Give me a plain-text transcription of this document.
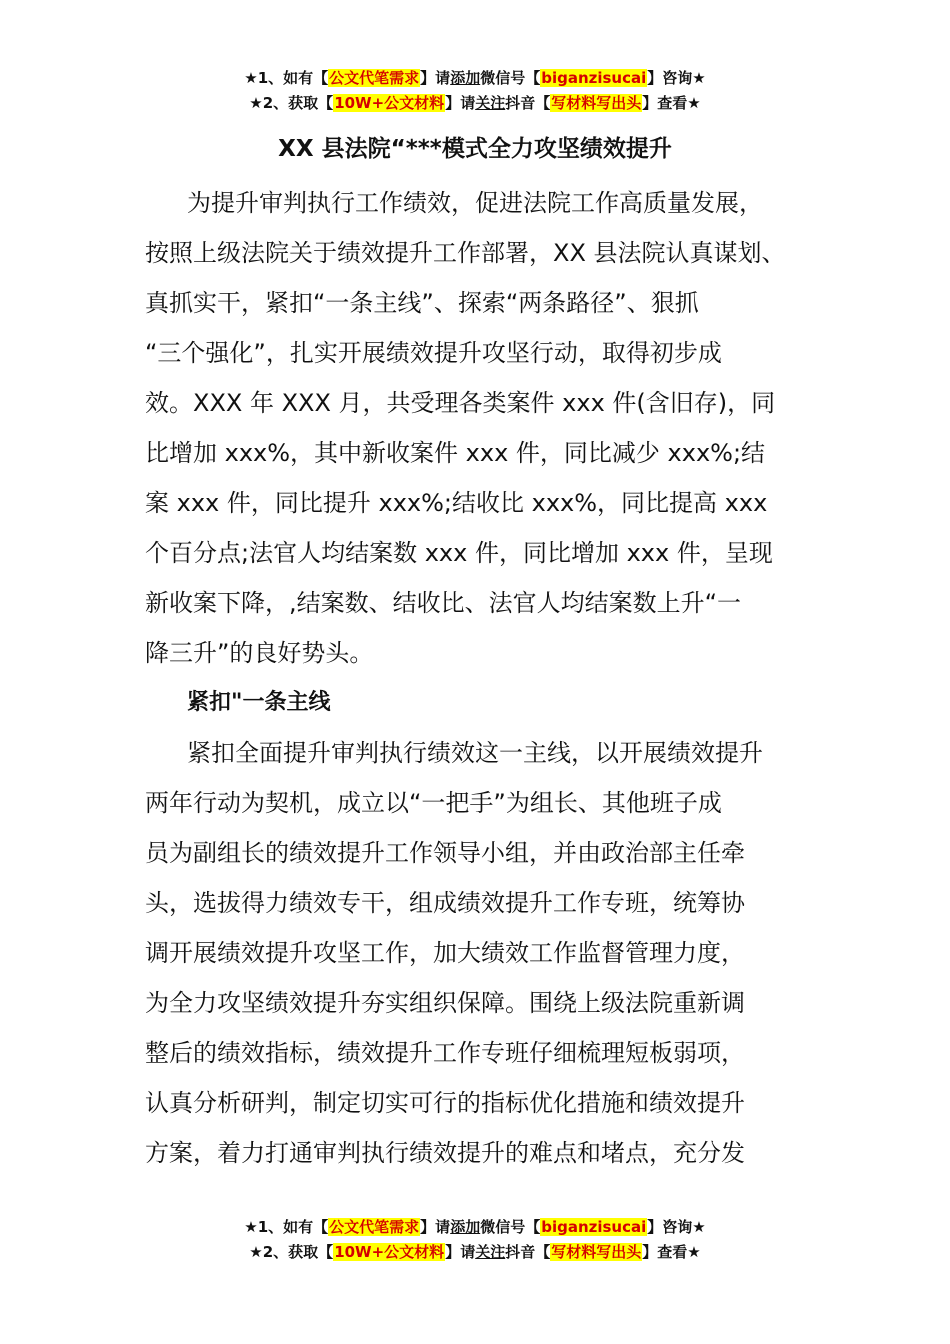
★1、如有【公文代笔需求】请添加微信号【biganzisucai】咨询★
★2、获取【10W+公文材料】请关注抖音【写材料写出头】查看★
XX 县法院“***模式全力攻坚绩效提升
为提升审判执行工作绩效，促进法院工作高质量发展，
按照上级法院关于绩效提升工作部署，XX 县法院认真谋划、
真抓实干，紧扣“一条主线”、探索“两条路径”、狠抓
“三个强化”，扎实开展绩效提升攻坚行动，取得初步成
效。XXX 年 XXX 月，共受理各类案件 xxx 件(含旧存)，同
比增加 xxx%，其中新收案件 xxx 件，同比减少 xxx%;结
案 xxx 件，同比提升 xxx%;结收比 xxx%，同比提高 xxx
个百分点;法官人均结案数 xxx 件，同比增加 xxx 件，呈现
新收案下降，,结案数、结收比、法官人均结案数上升“一
降三升”的良好势头。
紧扣"一条主线
紧扣全面提升审判执行绩效这一主线，以开展绩效提升
两年行动为契机，成立以“一把手”为组长、其他班子成
员为副组长的绩效提升工作领导小组，并由政治部主任牵
头，选拔得力绩效专干，组成绩效提升工作专班，统筹协
调开展绩效提升攻坚工作，加大绩效工作监督管理力度，
为全力攻坚绩效提升夯实组织保障。围绕上级法院重新调
整后的绩效指标，绩效提升工作专班仔细梳理短板弱项，
认真分析研判，制定切实可行的指标优化措施和绩效提升
方案，着力打通审判执行绩效提升的难点和堵点，充分发
★1、如有【公文代笔需求】请添加微信号【biganzisucai】咨询★
★2、获取【10W+公文材料】请关注抖音【写材料写出头】查看★
